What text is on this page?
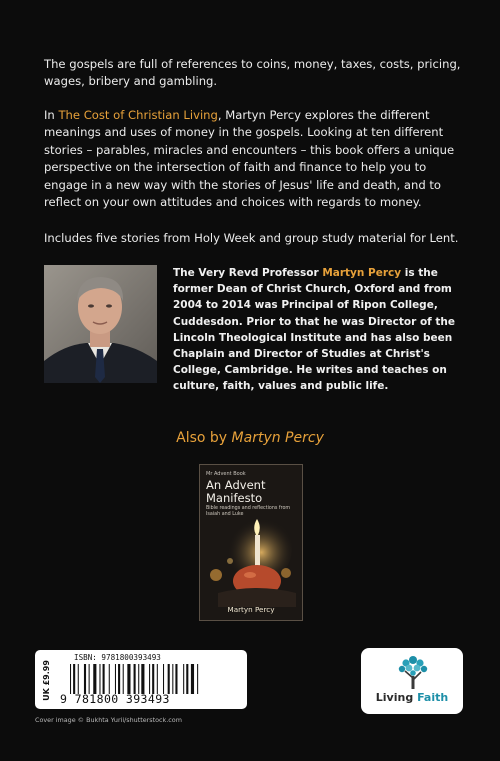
The gospels are full of references to coins, money, taxes, costs, pricing, wages, bribery and gambling.

In The Cost of Christian Living, Martyn Percy explores the different meanings and uses of money in the gospels. Looking at ten different stories – parables, miracles and encounters – this book offers a unique perspective on the intersection of faith and finance to help you to engage in a new way with the stories of Jesus' life and death, and to reflect on your own attitudes and choices with regards to money.

Includes five stories from Holy Week and group study material for Lent.

The Very Revd Professor Martyn Percy is the former Dean of Christ Church, Oxford and from 2004 to 2014 was Principal of Ripon College, Cuddesdon. Prior to that he was Director of the Lincoln Theological Institute and has also been Chaplain and Director of Studies at Christ's College, Cambridge. He writes and teaches on culture, faith, values and public life.

Also by Martyn Percy
Mr Advent Book
An Advent Manifesto
Bible readings and reflections from Isaiah and Luke
Martyn Percy
UK £9.99
ISBN: 9781800393493
9 781800 393493
Cover image © Bukhta Yurii/shutterstock.com
Living Faith
